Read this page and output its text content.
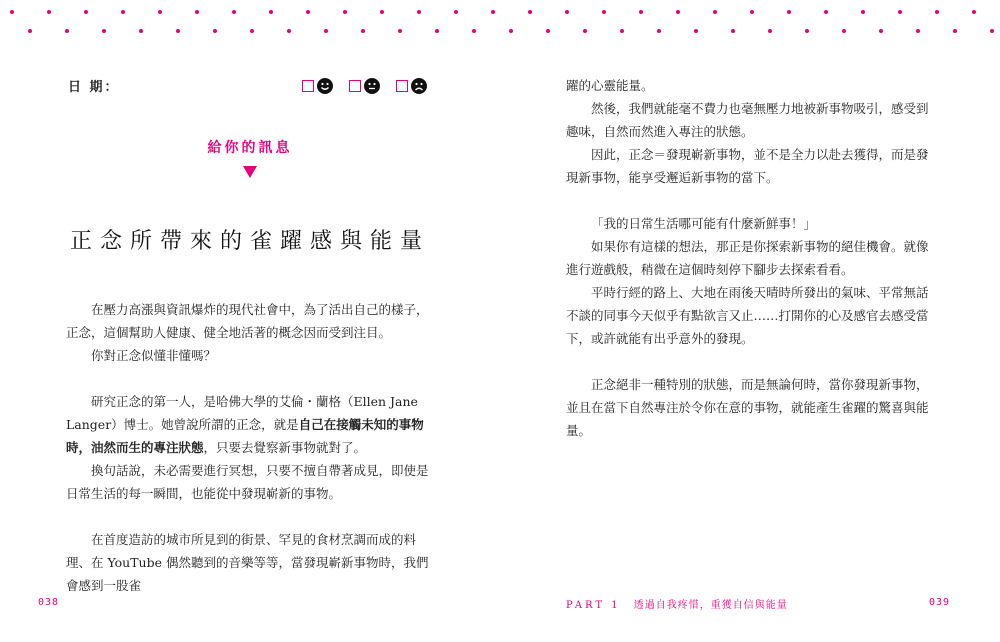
日 期：
給你的訊息
正念所帶來的雀躍感與能量

在壓力高漲與資訊爆炸的現代社會中，為了活出自己的樣子，正念，這個幫助人健康、健全地活著的概念因而受到注目。

你對正念似懂非懂嗎？

研究正念的第一人，是哈佛大學的艾倫・蘭格（Ellen Jane Langer）博士。她曾說所謂的正念，就是自己在接觸未知的事物時，油然而生的專注狀態，只要去覺察新事物就對了。

換句話說，未必需要進行冥想，只要不擅自帶著成見，即使是日常生活的每一瞬間，也能從中發現嶄新的事物。

在首度造訪的城市所見到的街景、罕見的食材烹調而成的料理、在 YouTube 偶然聽到的音樂等等，當發現嶄新事物時，我們會感到一股雀

038

躍的心靈能量。

然後，我們就能毫不費力也毫無壓力地被新事物吸引，感受到趣味，自然而然進入專注的狀態。

因此，正念＝發現嶄新事物，並不是全力以赴去獲得，而是發現新事物，能享受邂逅新事物的當下。

「我的日常生活哪可能有什麼新鮮事！」

如果你有這樣的想法，那正是你探索新事物的絕佳機會。就像進行遊戲般，稍微在這個時刻停下腳步去探索看看。

平時行經的路上、大地在雨後天晴時所發出的氣味、平常無話不談的同事今天似乎有點欲言又止……打開你的心及感官去感受當下，或許就能有出乎意外的發現。

正念絕非一種特別的狀態，而是無論何時，當你發現新事物，並且在當下自然專注於令你在意的事物，就能產生雀躍的驚喜與能量。

PART 1 透過自我疼惜，重獲自信與能量	039
